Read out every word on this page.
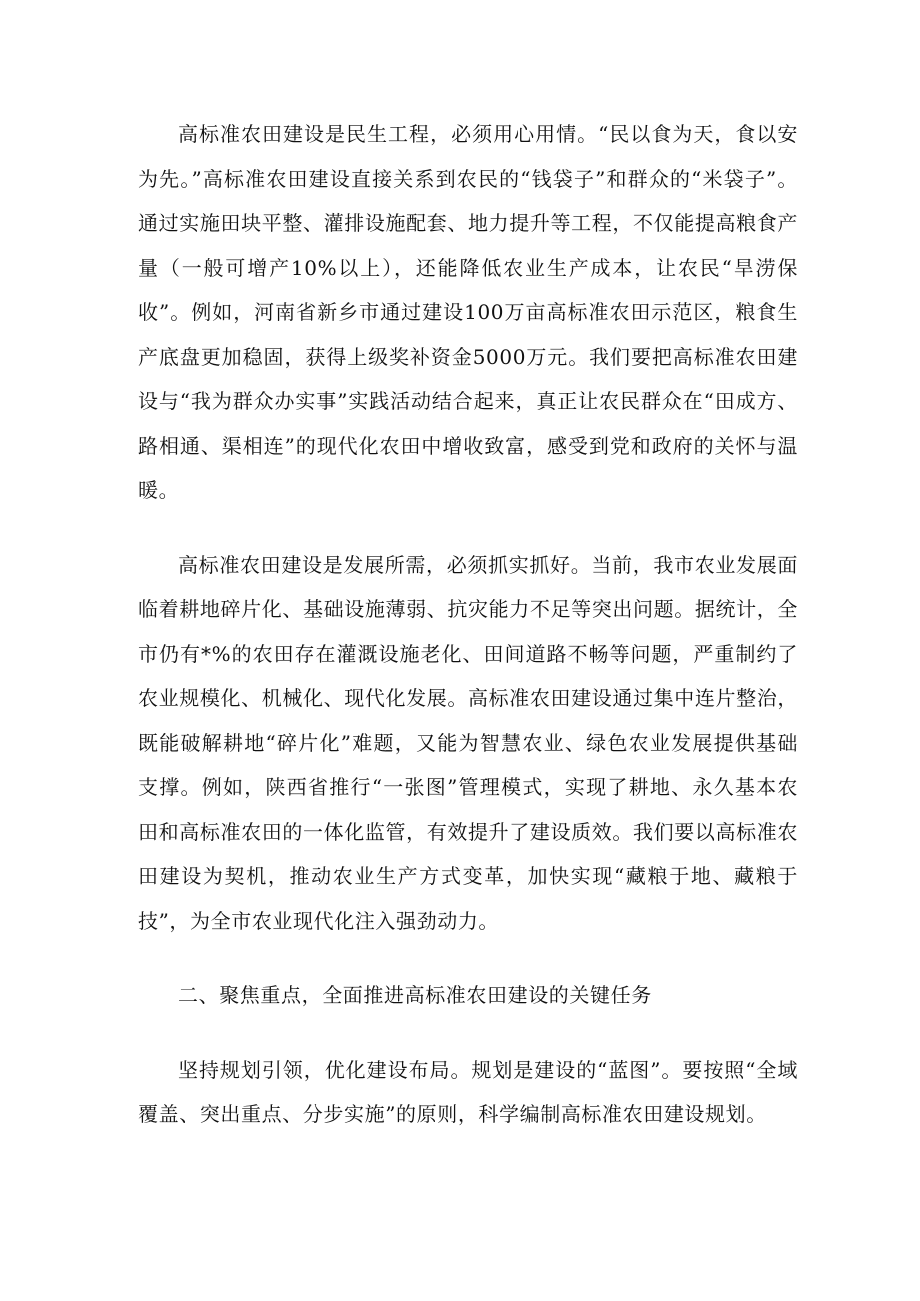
高标准农田建设是民生工程，必须用心用情。“民以食为天，食以安为先。”高标准农田建设直接关系到农民的“钱袋子”和群众的“米袋子”。通过实施田块平整、灌排设施配套、地力提升等工程，不仅能提高粮食产量（一般可增产10%以上），还能降低农业生产成本，让农民“旱涝保收”。例如，河南省新乡市通过建设100万亩高标准农田示范区，粮食生产底盘更加稳固，获得上级奖补资金5000万元。我们要把高标准农田建设与“我为群众办实事”实践活动结合起来，真正让农民群众在“田成方、路相通、渠相连”的现代化农田中增收致富，感受到党和政府的关怀与温暖。

高标准农田建设是发展所需，必须抓实抓好。当前，我市农业发展面临着耕地碎片化、基础设施薄弱、抗灾能力不足等突出问题。据统计，全市仍有*%的农田存在灌溉设施老化、田间道路不畅等问题，严重制约了农业规模化、机械化、现代化发展。高标准农田建设通过集中连片整治，既能破解耕地“碎片化”难题，又能为智慧农业、绿色农业发展提供基础支撑。例如，陕西省推行“一张图”管理模式，实现了耕地、永久基本农田和高标准农田的一体化监管，有效提升了建设质效。我们要以高标准农田建设为契机，推动农业生产方式变革，加快实现“藏粮于地、藏粮于技”，为全市农业现代化注入强劲动力。

二、聚焦重点，全面推进高标准农田建设的关键任务

坚持规划引领，优化建设布局。规划是建设的“蓝图”。要按照“全域覆盖、突出重点、分步实施”的原则，科学编制高标准农田建设规划。
